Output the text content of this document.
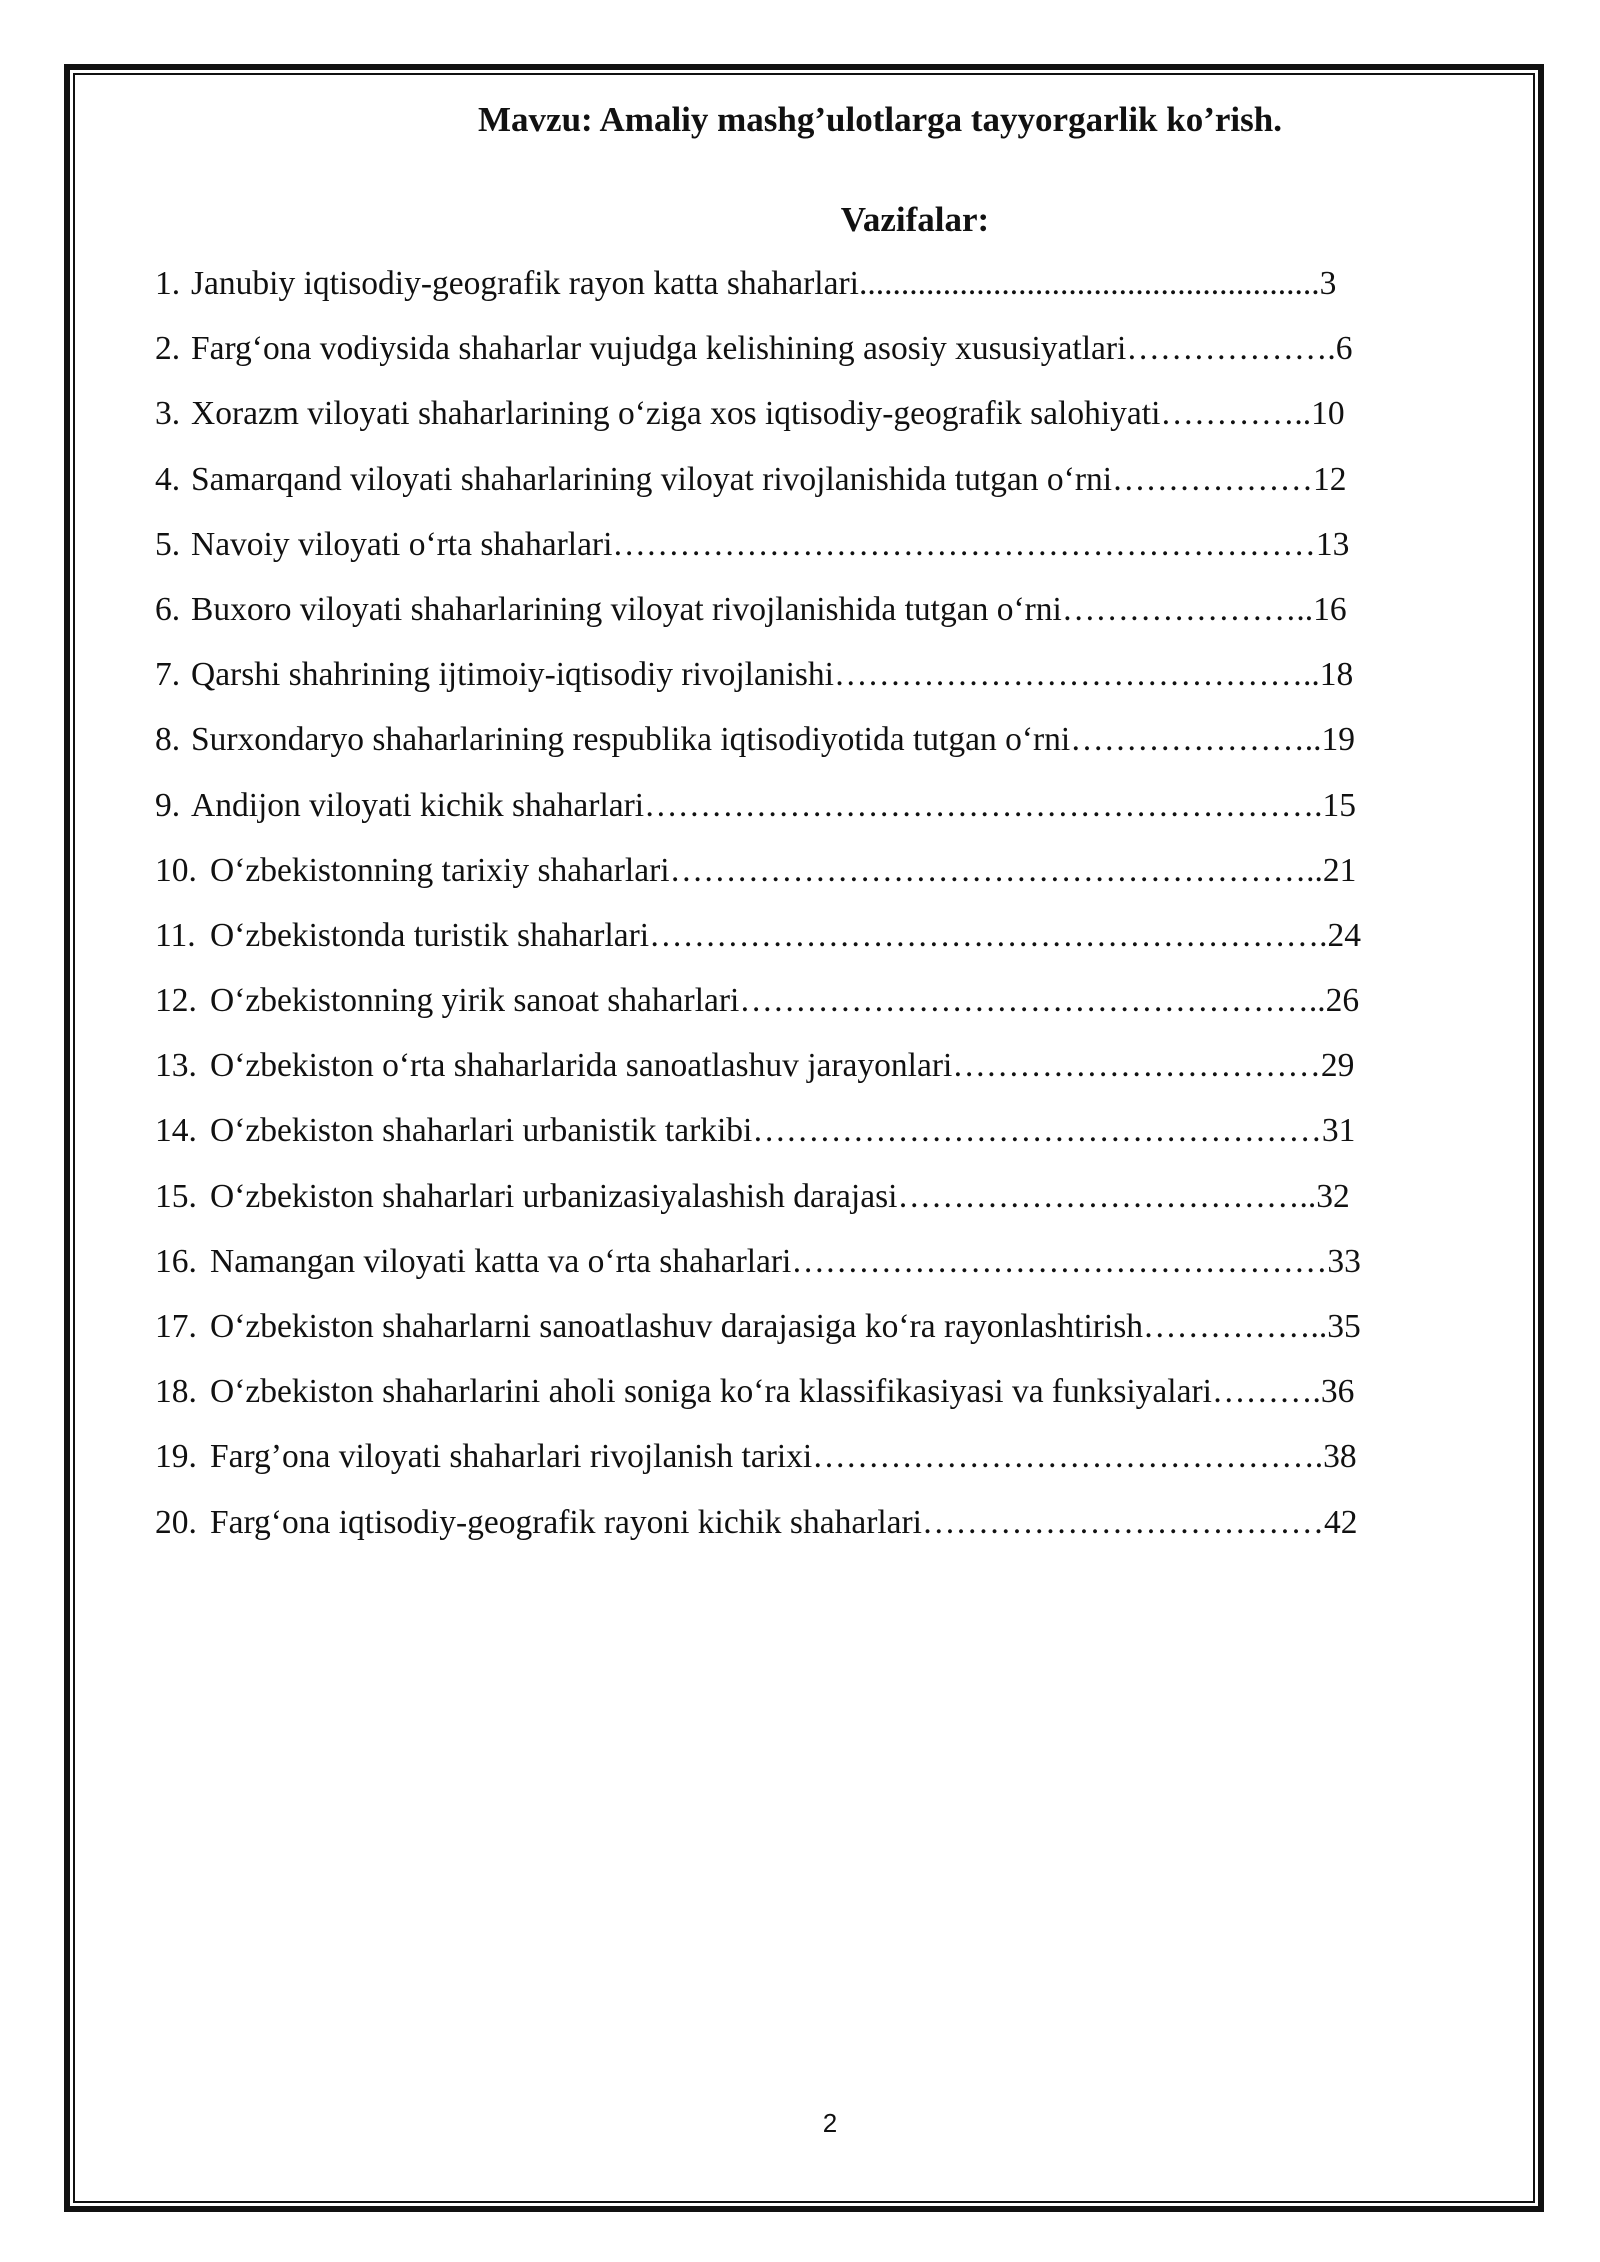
Mavzu: Amaliy mashg’ulotlarga tayyorgarlik ko’rish.
Vazifalar:
1. Janubiy iqtisodiy-geografik rayon katta shaharlari.......................................................3
2. Farg‘ona vodiysida shaharlar vujudga kelishining asosiy xususiyatlari……………….6
3. Xorazm viloyati shaharlarining o‘ziga xos iqtisodiy-geografik salohiyati…………..10
4. Samarqand viloyati shaharlarining viloyat rivojlanishida tutgan o‘rni………………12
5. Navoiy viloyati o‘rta shaharlari………………………………………………………13
6. Buxoro viloyati shaharlarining viloyat rivojlanishida tutgan o‘rni…………………..16
7. Qarshi shahrining ijtimoiy-iqtisodiy rivojlanishi……………………………………..18
8. Surxondaryo shaharlarining respublika iqtisodiyotida tutgan o‘rni…………………..19
9. Andijon viloyati kichik shaharlari…………………………………………………….15
10. O‘zbekistonning tarixiy shaharlari…………………………………………………..21
11. O‘zbekistonda turistik shaharlari…………………………………………………….24
12. O‘zbekistonning yirik sanoat shaharlari……………………………………………..26
13. O‘zbekiston o‘rta shaharlarida sanoatlashuv jarayonlari……………………………29
14. O‘zbekiston shaharlari urbanistik tarkibi……………………………………………31
15. O‘zbekiston shaharlari urbanizasiyalashish darajasi………………………………..32
16. Namangan viloyati katta va o‘rta shaharlari…………………………………………33
17. O‘zbekiston shaharlarni sanoatlashuv darajasiga ko‘ra rayonlashtirish……………..35
18. O‘zbekiston shaharlarini aholi soniga ko‘ra klassifikasiyasi va funksiyalari……….36
19. Farg’ona viloyati shaharlari rivojlanish tarixi……………………………………….38
20. Farg‘ona iqtisodiy-geografik rayoni kichik shaharlari………………………………42
2
